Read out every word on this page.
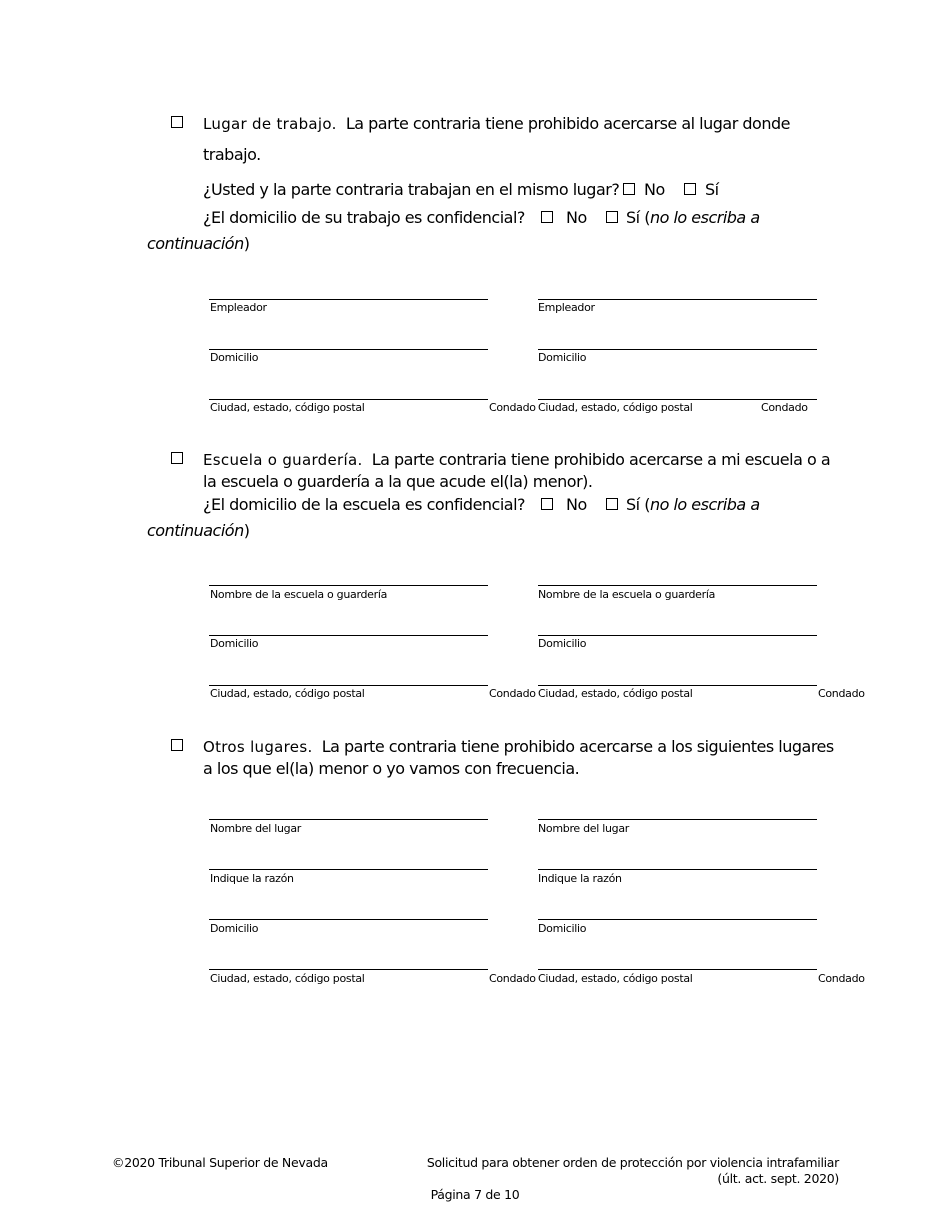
Lugar de trabajo. La parte contraria tiene prohibido acercarse al lugar donde
trabajo.
¿Usted y la parte contraria trabajan en el mismo lugar? No	Sí
¿El domicilio de su trabajo es confidencial?	No Sí (no lo escriba a
continuación)
Empleador
Domicilio
Ciudad, estado, código postal	Condado
Empleador
Domicilio
Ciudad, estado, código postal	Condado
Escuela o guardería. La parte contraria tiene prohibido acercarse a mi escuela o a
la escuela o guardería a la que acude el(la) menor).
¿El domicilio de la escuela es confidencial?	No Sí (no lo escriba a
continuación)
Nombre de la escuela o guardería
Domicilio
Ciudad, estado, código postal	Condado
Nombre de la escuela o guardería
Domicilio
Ciudad, estado, código postal	Condado
Otros lugares. La parte contraria tiene prohibido acercarse a los siguientes lugares
a los que el(la) menor o yo vamos con frecuencia.
Nombre del lugar
Indique la razón
Domicilio
Ciudad, estado, código postal	Condado
Nombre del lugar
Indique la razón
Domicilio
Ciudad, estado, código postal	Condado
©2020 Tribunal Superior de Nevada	Solicitud para obtener orden de protección por violencia intrafamiliar
(últ. act. sept. 2020)
Página 7 de 10
